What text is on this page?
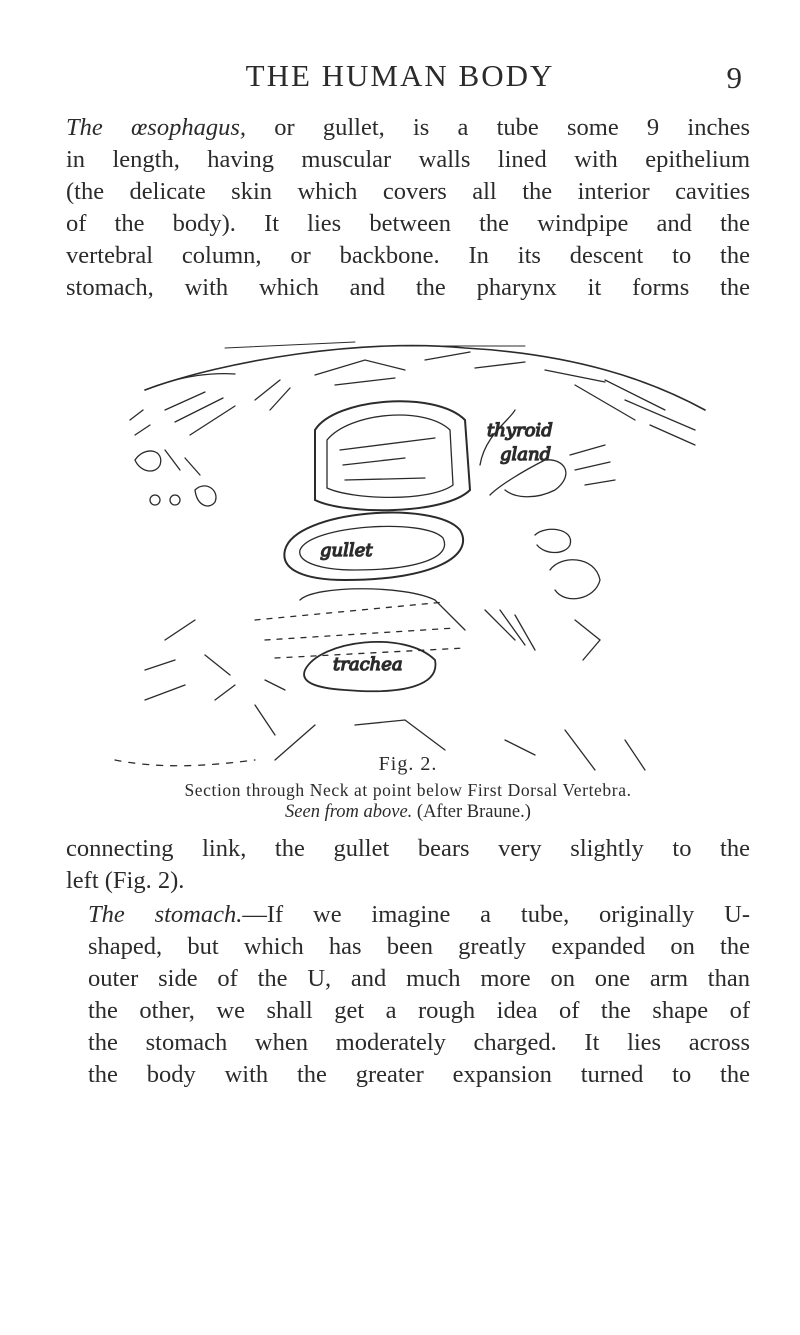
THE HUMAN BODY	9

The œsophagus, or gullet, is a tube some 9 inches
in length, having muscular walls lined with epithelium
(the delicate skin which covers all the interior cavities
of the body). It lies between the windpipe and the
vertebral column, or backbone. In its descent to the
stomach, with which and the pharynx it forms the

thyroid
gland
gullet
trachea

Fig. 2.

Section through Neck at point below First Dorsal Vertebra.

Seen from above. (After Braune.)

connecting link, the gullet bears very slightly to the
left (Fig. 2).

The stomach.—If we imagine a tube, originally U-
shaped, but which has been greatly expanded on the
outer side of the U, and much more on one arm than
the other, we shall get a rough idea of the shape of
the stomach when moderately charged. It lies across
the body with the greater expansion turned to the
